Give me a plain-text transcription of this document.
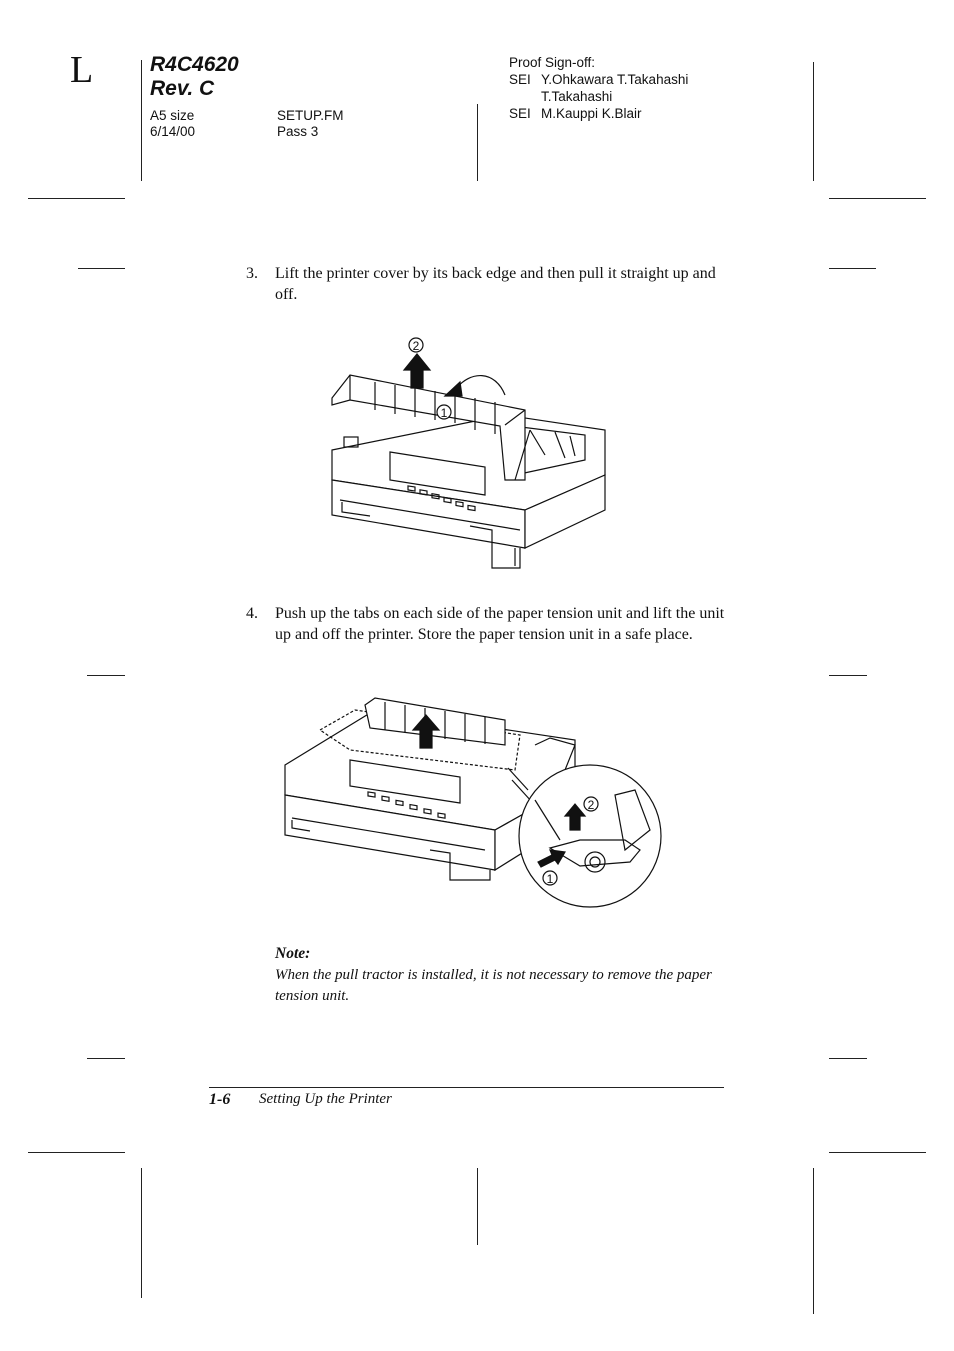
L	R4C4620
Rev. C
A5 size
6/14/00
SETUP.FM
Pass 3
Proof Sign-off:
SEI Y.Ohkawara T.Takahashi
T.Takahashi
SEI M.Kauppi K.Blair
3. Lift the printer cover by its back edge and then pull it straight up and off.
2
1
4. Push up the tabs on each side of the paper tension unit and lift the unit up and off the printer. Store the paper tension unit in a safe place.
2
1
Note:
When the pull tractor is installed, it is not necessary to remove the paper tension unit.
1-6 Setting Up the Printer
